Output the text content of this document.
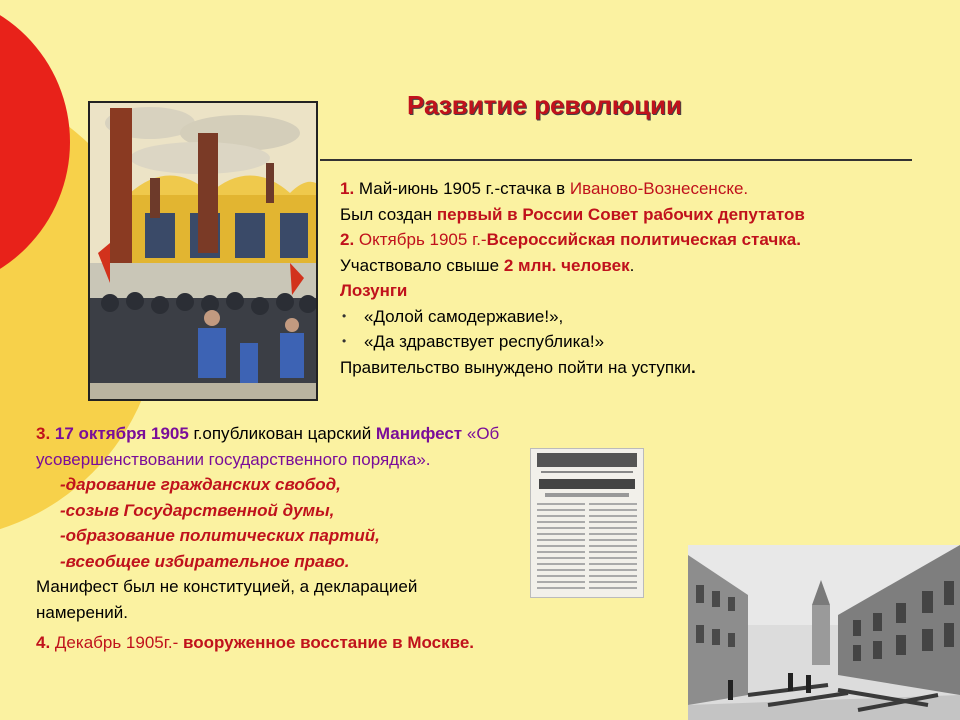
Развитие революции
1. Май-июнь 1905 г.-стачка в Иваново-Вознесенске.
Был создан первый в России Совет рабочих депутатов
2. Октябрь 1905 г.-Всероссийская политическая стачка.
Участвовало свыше 2 млн. человек.
Лозунги
• «Долой самодержавие!»,
• «Да здравствует республика!»
Правительство вынуждено пойти на уступки.
3. 17 октября 1905 г.опубликован царский Манифест «Об
усовершенствовании государственного порядка».
-дарование гражданских свобод,
-созыв Государственной думы,
-образование политических партий,
-всеобщее избирательное право.
Манифест был не конституцией, а декларацией
намерений.
4. Декабрь 1905г.- вооруженное восстание в Москве.
